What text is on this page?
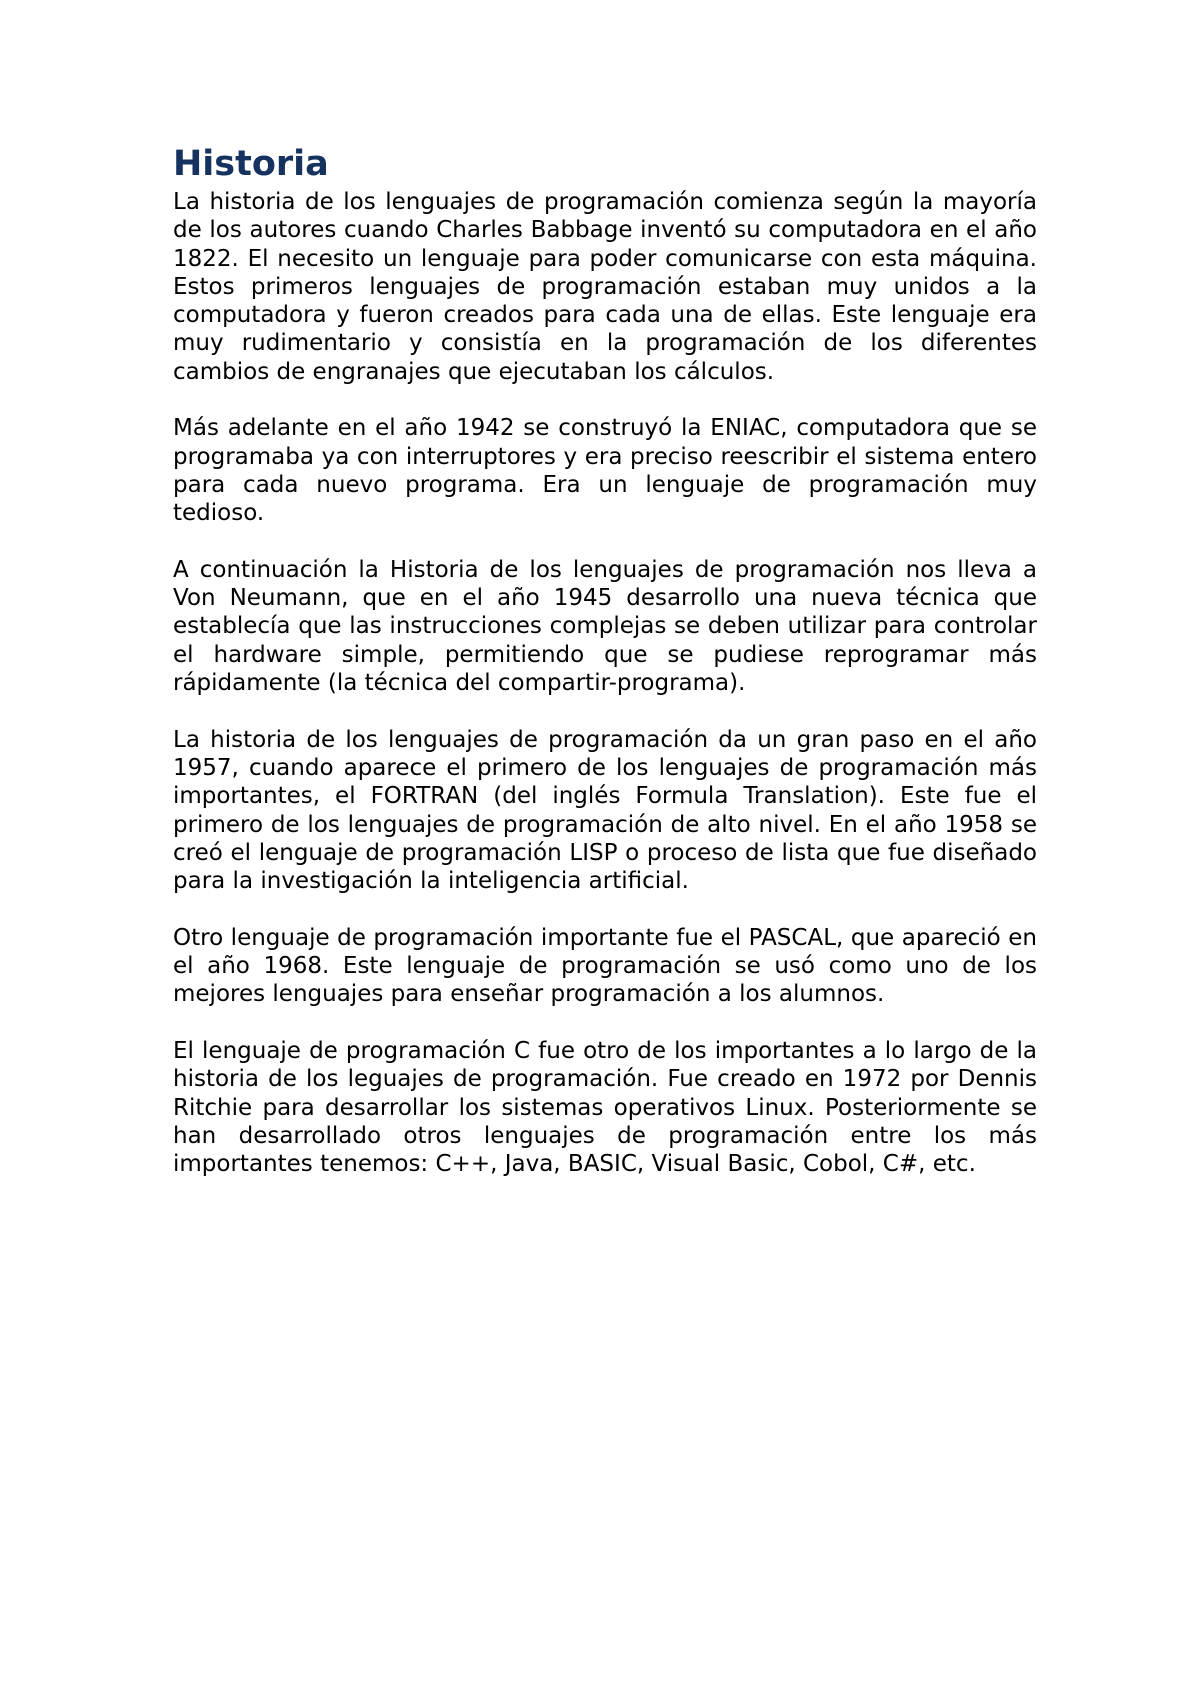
Historia

La historia de los lenguajes de programación comienza según la mayoría de los autores cuando Charles Babbage inventó su computadora en el año 1822. El necesito un lenguaje para poder comunicarse con esta máquina. Estos primeros lenguajes de programación estaban muy unidos a la computadora y fueron creados para cada una de ellas. Este lenguaje era muy rudimentario y consistía en la programación de los diferentes cambios de engranajes que ejecutaban los cálculos.

Más adelante en el año 1942 se construyó la ENIAC, computadora que se programaba ya con interruptores y era preciso reescribir el sistema entero para cada nuevo programa. Era un lenguaje de programación muy tedioso.

A continuación la Historia de los lenguajes de programación nos lleva a Von Neumann, que en el año 1945 desarrollo una nueva técnica que establecía que las instrucciones complejas se deben utilizar para controlar el hardware simple, permitiendo que se pudiese reprogramar más rápidamente (la técnica del compartir-programa).

La historia de los lenguajes de programación da un gran paso en el año 1957, cuando aparece el primero de los lenguajes de programación más importantes, el FORTRAN (del inglés Formula Translation). Este fue el primero de los lenguajes de programación de alto nivel. En el año 1958 se creó el lenguaje de programación LISP o proceso de lista que fue diseñado para la investigación la inteligencia artificial.

Otro lenguaje de programación importante fue el PASCAL, que apareció en el año 1968. Este lenguaje de programación se usó como uno de los mejores lenguajes para enseñar programación a los alumnos.

El lenguaje de programación C fue otro de los importantes a lo largo de la historia de los leguajes de programación. Fue creado en 1972 por Dennis Ritchie para desarrollar los sistemas operativos Linux. Posteriormente se han desarrollado otros lenguajes de programación entre los más importantes tenemos: C++, Java, BASIC, Visual Basic, Cobol, C#, etc.
